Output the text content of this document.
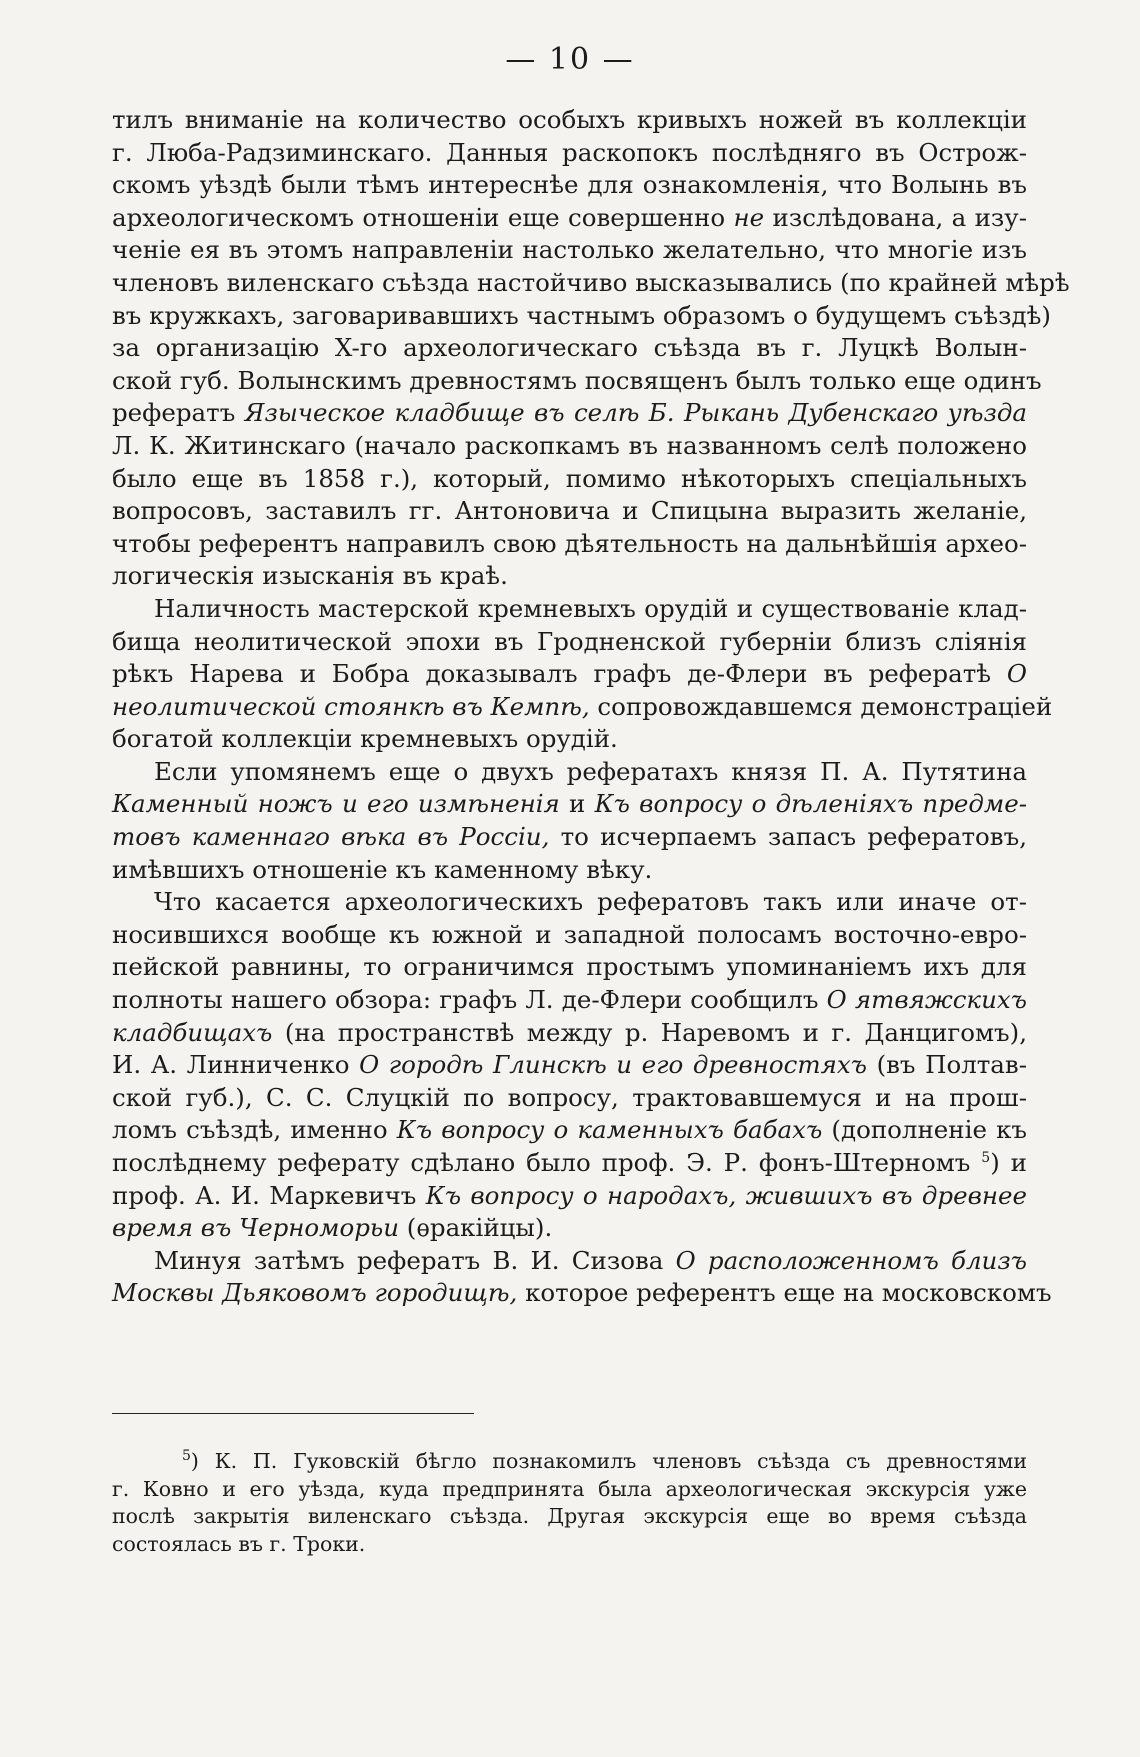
— 10 —
тилъ вниманіе на количество особыхъ кривыхъ ножей въ коллекціи
г. Люба-Радзиминскаго. Данныя раскопокъ послѣдняго въ Острож-
скомъ уѣздѣ были тѣмъ интереснѣе для ознакомленія, что Волынь въ
археологическомъ отношеніи еще совершенно не изслѣдована, а изу-
ченіе ея въ этомъ направленіи настолько желательно, что многіе изъ
членовъ виленскаго съѣзда настойчиво высказывались (по крайней мѣрѣ
въ кружкахъ, заговаривавшихъ частнымъ образомъ о будущемъ съѣздѣ)
за организацію X-го археологическаго съѣзда въ г. Луцкѣ Волын-
ской губ. Волынскимъ древностямъ посвященъ былъ только еще одинъ
рефератъ Языческое кладбище въ селѣ Б. Рыкань Дубенскаго уѣзда
Л. К. Житинскаго (начало раскопкамъ въ названномъ селѣ положено
было еще въ 1858 г.), который, помимо нѣкоторыхъ спеціальныхъ
вопросовъ, заставилъ гг. Антоновича и Спицына выразить желаніе,
чтобы референтъ направилъ свою дѣятельность на дальнѣйшія архео-
логическія изысканія въ краѣ.
Наличность мастерской кремневыхъ орудій и существованіе клад-
бища неолитической эпохи въ Гродненской губерніи близъ сліянія
рѣкъ Нарева и Бобра доказывалъ графъ де-Флери въ рефератѣ О
неолитической стоянкѣ въ Кемпѣ, сопровождавшемся демонстраціей
богатой коллекціи кремневыхъ орудій.
Если упомянемъ еще о двухъ рефератахъ князя П. А. Путятина
Каменный ножъ и его измѣненія и Къ вопросу о дѣленіяхъ предме-
товъ каменнаго вѣка въ Россіи, то исчерпаемъ запасъ рефератовъ,
имѣвшихъ отношеніе къ каменному вѣку.
Что касается археологическихъ рефератовъ такъ или иначе от-
носившихся вообще къ южной и западной полосамъ восточно-евро-
пейской равнины, то ограничимся простымъ упоминаніемъ ихъ для
полноты нашего обзора: графъ Л. де-Флери сообщилъ О ятвяжскихъ
кладбищахъ (на пространствѣ между р. Наревомъ и г. Данцигомъ),
И. А. Линниченко О городѣ Глинскѣ и его древностяхъ (въ Полтав-
ской губ.), С. С. Слуцкій по вопросу, трактовавшемуся и на прош-
ломъ съѣздѣ, именно Къ вопросу о каменныхъ бабахъ (дополненіе къ
послѣднему реферату сдѣлано было проф. Э. Р. фонъ-Штерномъ $^5$) и
проф. А. И. Маркевичъ Къ вопросу о народахъ, жившихъ въ древнее
время въ Черноморьи (ѳракійцы).
Минуя затѣмъ рефератъ В. И. Сизова О расположенномъ близъ
Москвы Дьяковомъ городищѣ, которое референтъ еще на московскомъ
$^5$) К. П. Гуковскій бѣгло познакомилъ членовъ съѣзда съ древностями
г. Ковно и его уѣзда, куда предпринята была археологическая экскурсія уже
послѣ закрытія виленскаго съѣзда. Другая экскурсія еще во время съѣзда
состоялась въ г. Троки.
